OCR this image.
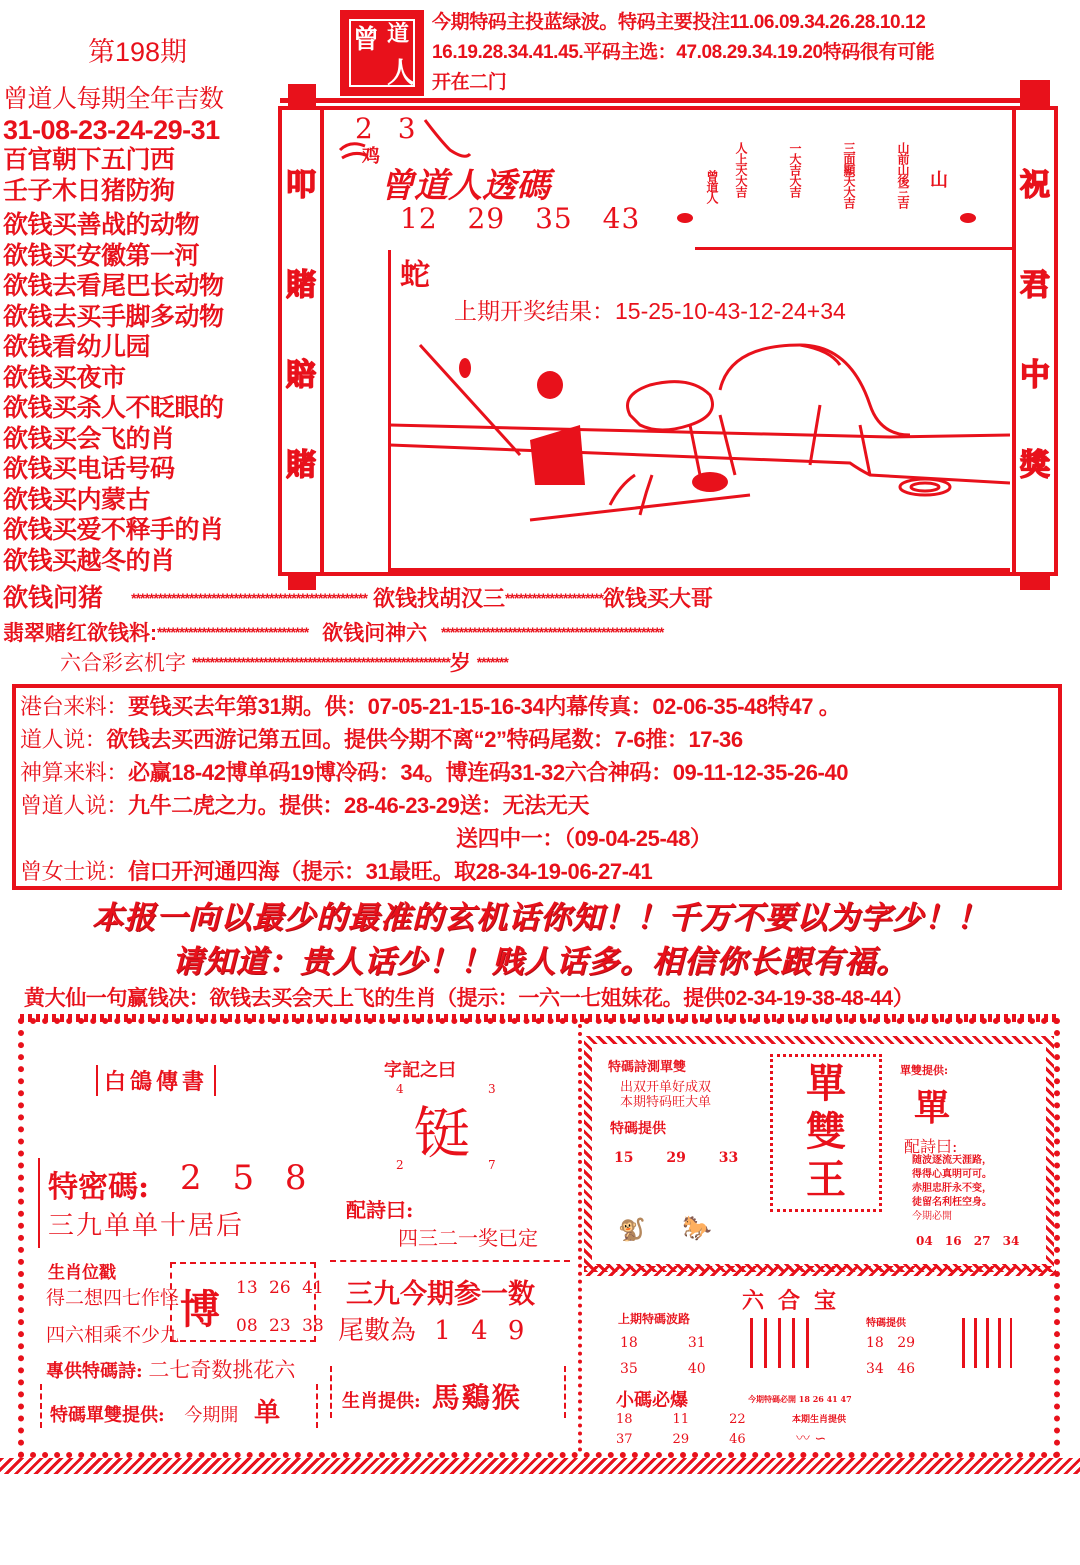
第198期	曾 道
人
今期特码主投蓝绿波。特码主要投注11.06.09.34.26.28.10.12
16.19.28.34.41.45.平码主选：47.08.29.34.19.20特码很有可能
开在二门
曾道人每期全年吉数
31-08-23-24-29-31
百官朝下五门西
壬子木日猪防狗
欲钱买善战的动物
欲钱买安徽第一河
欲钱去看尾巴长动物
欲钱去买手脚多动物
欲钱看幼儿园
欲钱买夜市
欲钱买杀人不眨眼的
欲钱买会飞的肖
欲钱买电话号码
欲钱买内蒙古
欲钱买爱不释手的肖
欲钱买越冬的肖
叩
賭
賠
賭
祝
君
中
獎
2 3
鸡
曾道人透碼
12 29 35 43
曾道人 人上天大吉	一大吉大吉	三面顯天大吉	山前山後三吉 山
蛇
上期开奖结果：15-25-10-43-12-24+34
欲钱问猪 ***************************************************** 欲钱找胡汉三**********************欲钱买大哥
翡翠赌红欲钱料:********************************** 欲钱问神六 **************************************************
六合彩玄机字 **********************************************************岁 *******
港台来料：要钱买去年第31期。供：07-05-21-15-16-34内幕传真：02-06-35-48特47 。
道人说：欲钱去买西游记第五回。提供今期不离“2”特码尾数：7-6推：17-36
神算来料：必赢18-42博单码19博冷码：34。博连码31-32六合神码：09-11-12-35-26-40
曾道人说：九牛二虎之力。提供：28-46-23-29送：无法无天
送四中一：（09-04-25-48）
曾女士说：信口开河通四海（提示：31最旺。取28-34-19-06-27-41
本报一向以最少的最准的玄机话你知！！千万不要以为字少！！
请知道：贵人话少！！贱人话多。相信你长跟有福。
黄大仙一句赢钱决：欲钱去买会天上飞的生肖（提示：一六一七姐妹花。提供02-34-19-38-48-44）
白鴿傳書
特密碼: 2 5 8
三九单单十居后
生肖位戳
得二想四七作怪
四六相乘不少九
博 13 26 41
08 23 38
專供特碼詩: 二七奇数挑花六
特碼單雙提供: 今期開 单
字記之曰
4	3
2	7
铤
配詩曰:
四三二一奖已定
三九今期参一数
尾數為 1 4 9
生肖提供: 馬鷄猴
特碼詩測單雙
出双开单好成双
本期特码旺大单
特碼提供
15 29 33
🐒 🐎
單
雙
王
單雙提供:
單
配詩曰:
随波逐流天涯路，
得得心真明可可。
赤胆忠肝永不变，
徒留名利枉空身。
今期必開
04 16 27 34
六合宝
上期特碼波路
18	31
35	40
特碼提供
18 29
34 46
小碼必爆	今期特碼必開 18 26 41 47
18	11	22
37	29	46
本期生肖提供
〰 ∽
